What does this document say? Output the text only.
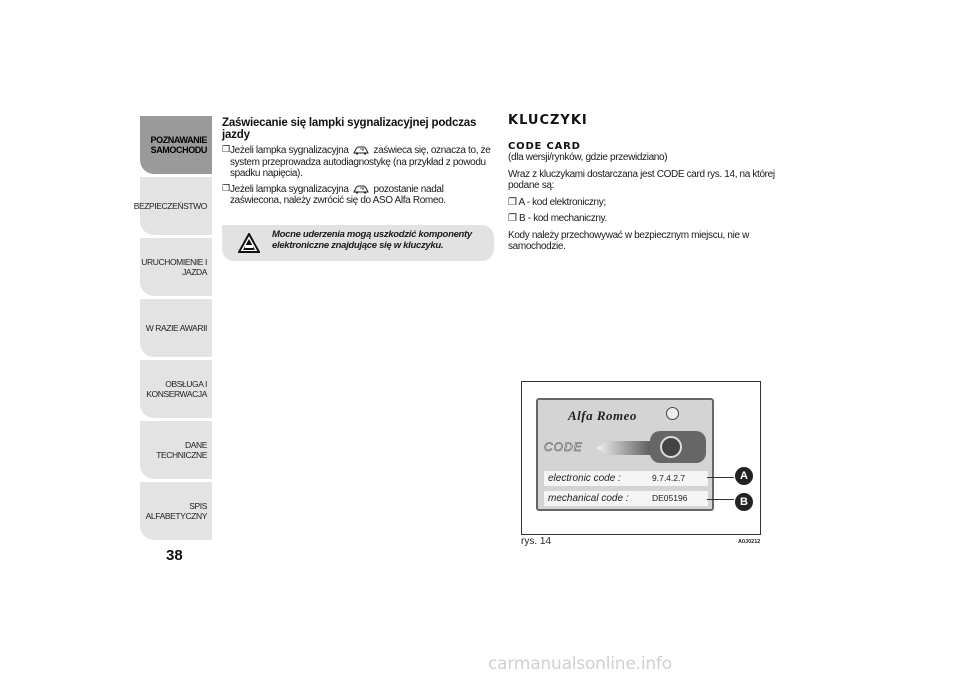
POZNAWANIE
SAMOCHODU
BEZPIECZEŃSTWO
URUCHOMIENIE I
JAZDA
W RAZIE AWARII
OBSŁUGA I
KONSERWACJA
DANE TECHNICZNE
SPIS ALFABETYCZNY
38
Zaświecanie się lampki sygnalizacyjnej podczas jazdy
❐ Jeżeli lampka sygnalizacyjna zaświeca się, oznacza to, że system przeprowadza autodiagnostykę (na przykład z powodu spadku napięcia).
❐ Jeżeli lampka sygnalizacyjna pozostanie nadal zaświecona, należy zwrócić się do ASO Alfa Romeo.
Mocne uderzenia mogą uszkodzić komponenty elektroniczne znajdujące się w kluczyku.
KLUCZYKI
CODE CARD
(dla wersji/rynków, gdzie przewidziano)
Wraz z kluczykami dostarczana jest CODE card rys. 14, na której podane są:
❐ A - kod elektroniczny;
❐ B - kod mechaniczny.
Kody należy przechowywać w bezpiecznym miejscu, nie w samochodzie.
Alfa Romeo
CODE
electronic code :	9.7.4.2.7
mechanical code :	DE05196
A
B
rys. 14	A0J0212
carmanualsonline.info
